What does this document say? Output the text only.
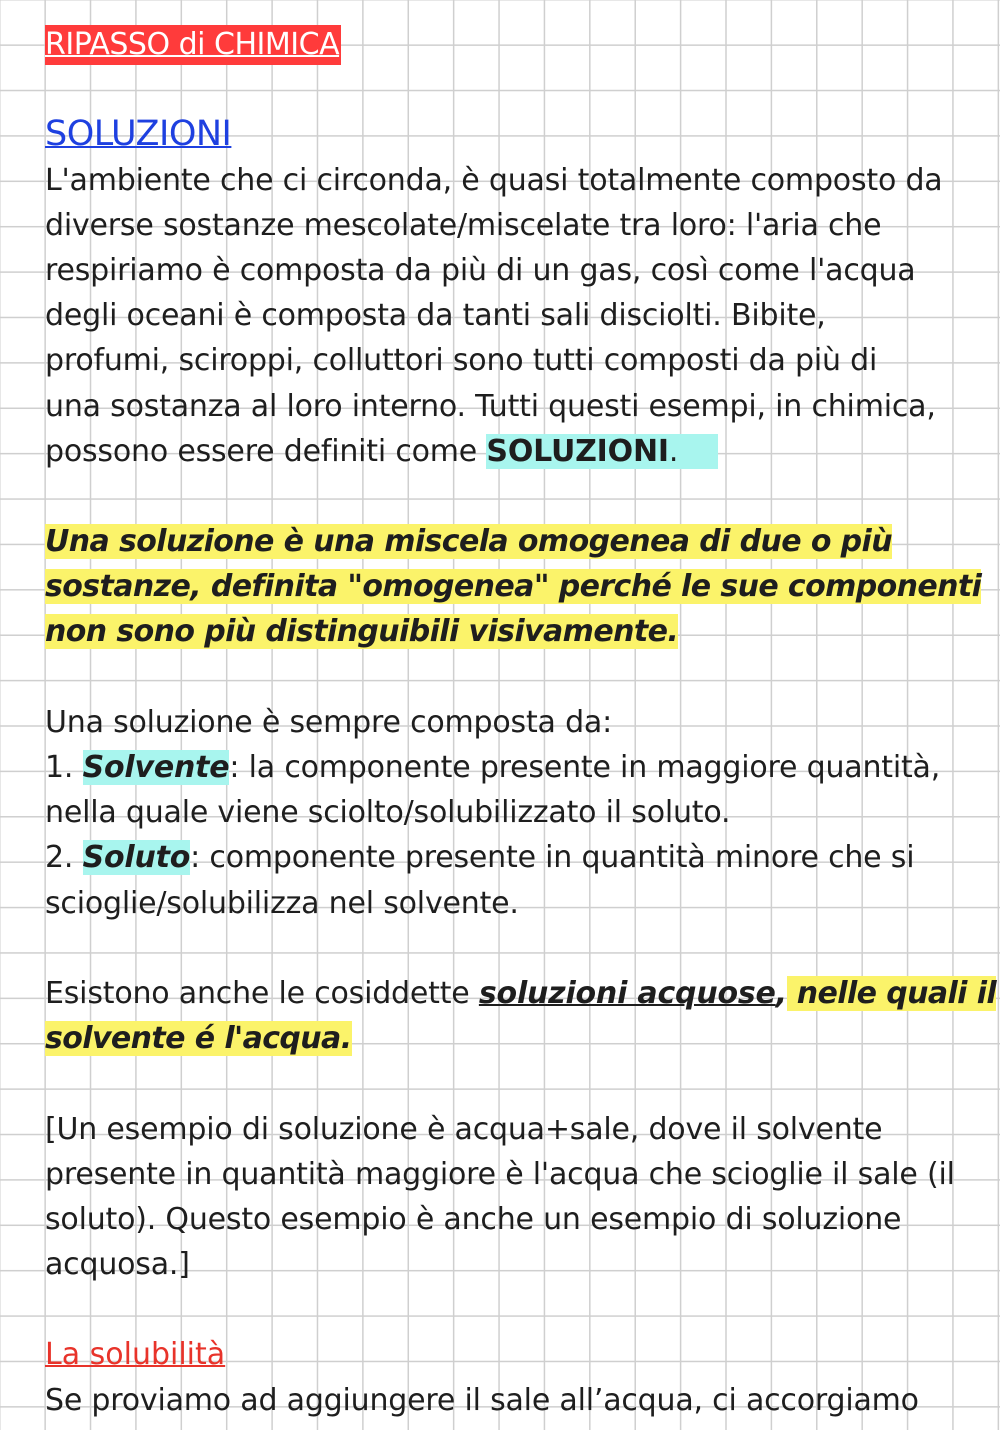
RIPASSO di CHIMICA
SOLUZIONI
L'ambiente che ci circonda, è quasi totalmente composto da
diverse sostanze mescolate/miscelate tra loro: l'aria che
respiriamo è composta da più di un gas, così come l'acqua
degli oceani è composta da tanti sali disciolti. Bibite,
profumi, sciroppi, colluttori sono tutti composti da più di
una sostanza al loro interno. Tutti questi esempi, in chimica,
possono essere definiti come SOLUZIONI.
Una soluzione è una miscela omogenea di due o più
sostanze, definita "omogenea" perché le sue componenti
non sono più distinguibili visivamente.
Una soluzione è sempre composta da:
1. Solvente: la componente presente in maggiore quantità,
nella quale viene sciolto/solubilizzato il soluto.
2. Soluto: componente presente in quantità minore che si
scioglie/solubilizza nel solvente.
Esistono anche le cosiddette soluzioni acquose, nelle quali il
solvente é l'acqua.
[Un esempio di soluzione è acqua+sale, dove il solvente
presente in quantità maggiore è l'acqua che scioglie il sale (il
soluto). Questo esempio è anche un esempio di soluzione
acquosa.]
La solubilità
Se proviamo ad aggiungere il sale all’acqua, ci accorgiamo
